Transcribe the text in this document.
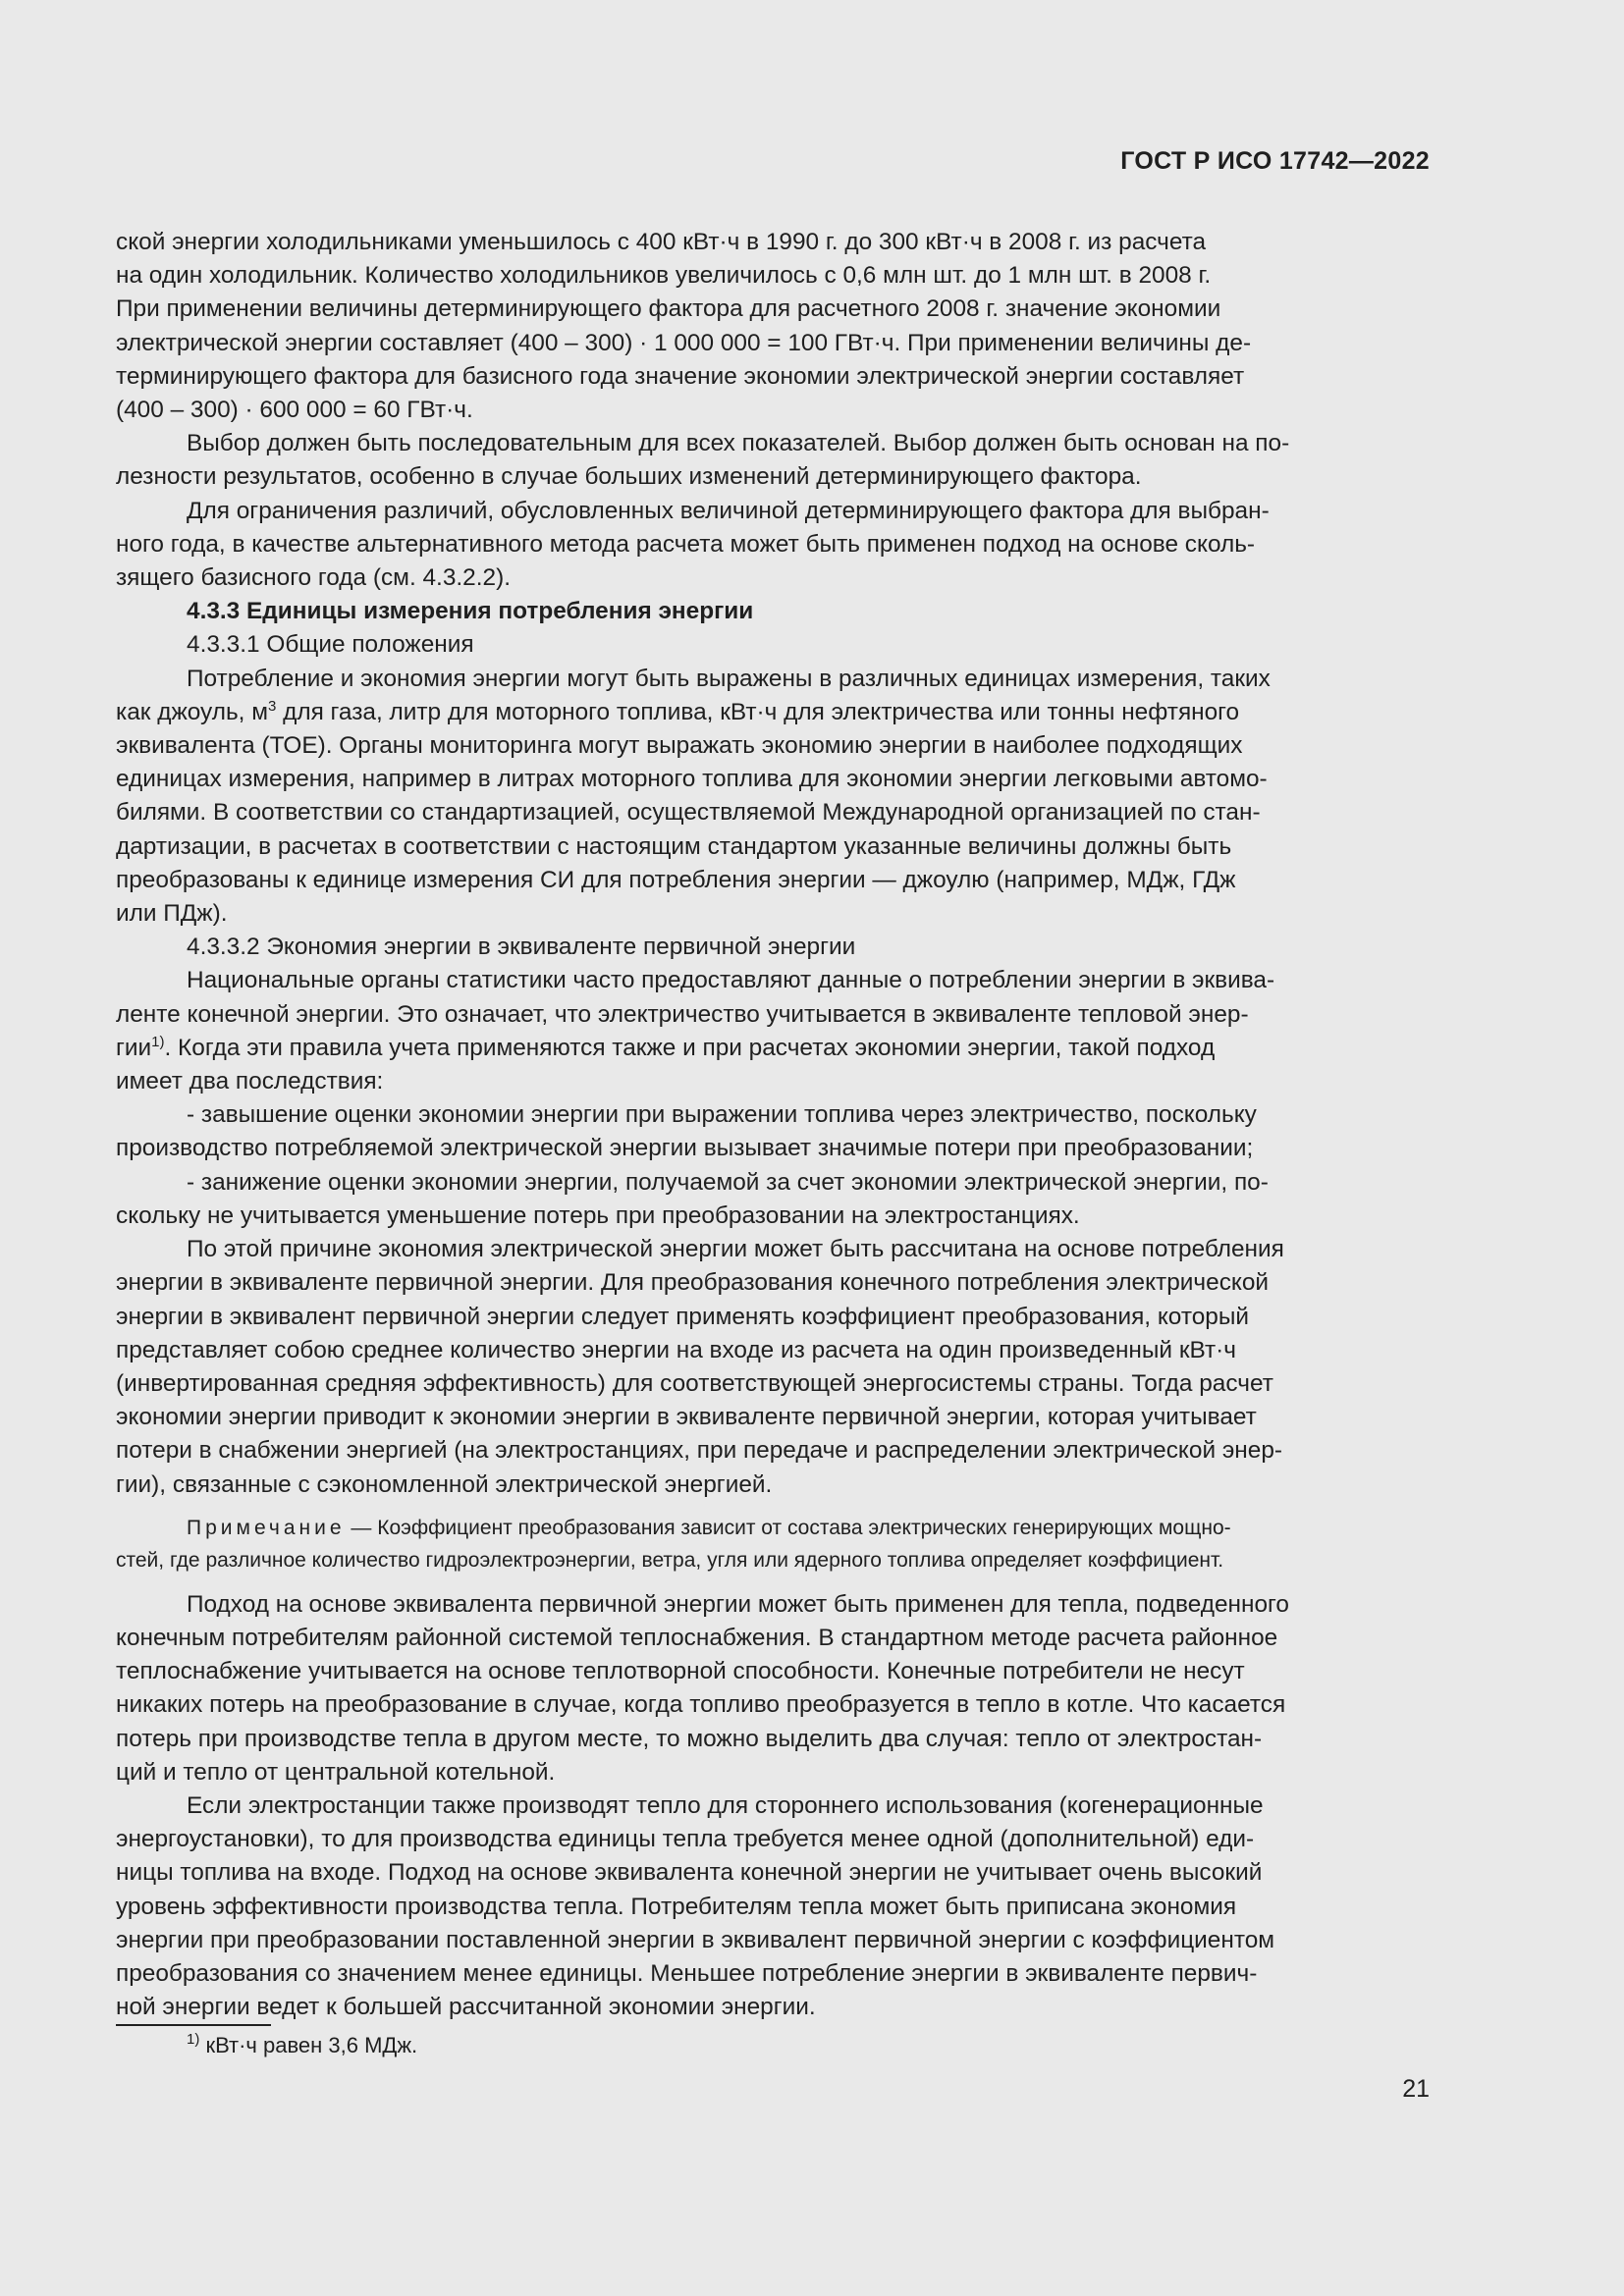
ГОСТ Р ИСО 17742—2022

ской энергии холодильниками уменьшилось с 400 кВт·ч в 1990 г. до 300 кВт·ч в 2008 г. из расчета
на один холодильник. Количество холодильников увеличилось с 0,6 млн шт. до 1 млн шт. в 2008 г.
При применении величины детерминирующего фактора для расчетного 2008 г. значение экономии
электрической энергии составляет (400 – 300) · 1 000 000 = 100 ГВт·ч. При применении величины де-
терминирующего фактора для базисного года значение экономии электрической энергии составляет
(400 – 300) · 600 000 = 60 ГВт·ч.

Выбор должен быть последовательным для всех показателей. Выбор должен быть основан на по-
лезности результатов, особенно в случае больших изменений детерминирующего фактора.

Для ограничения различий, обусловленных величиной детерминирующего фактора для выбран-
ного года, в качестве альтернативного метода расчета может быть применен подход на основе сколь-
зящего базисного года (см. 4.3.2.2).

4.3.3 Единицы измерения потребления энергии

4.3.3.1 Общие положения

Потребление и экономия энергии могут быть выражены в различных единицах измерения, таких
как джоуль, $м^3$ для газа, литр для моторного топлива, кВт·ч для электричества или тонны нефтяного
эквивалента (ТОЕ). Органы мониторинга могут выражать экономию энергии в наиболее подходящих
единицах измерения, например в литрах моторного топлива для экономии энергии легковыми автомо-
билями. В соответствии со стандартизацией, осуществляемой Международной организацией по стан-
дартизации, в расчетах в соответствии с настоящим стандартом указанные величины должны быть
преобразованы к единице измерения СИ для потребления энергии — джоулю (например, МДж, ГДж
или ПДж).

4.3.3.2 Экономия энергии в эквиваленте первичной энергии

Национальные органы статистики часто предоставляют данные о потреблении энергии в эквива-
ленте конечной энергии. Это означает, что электричество учитывается в эквиваленте тепловой энер-
гии$^{1)}$. Когда эти правила учета применяются также и при расчетах экономии энергии, такой подход
имеет два последствия:

- завышение оценки экономии энергии при выражении топлива через электричество, поскольку
производство потребляемой электрической энергии вызывает значимые потери при преобразовании;

- занижение оценки экономии энергии, получаемой за счет экономии электрической энергии, по-
скольку не учитывается уменьшение потерь при преобразовании на электростанциях.

По этой причине экономия электрической энергии может быть рассчитана на основе потребления
энергии в эквиваленте первичной энергии. Для преобразования конечного потребления электрической
энергии в эквивалент первичной энергии следует применять коэффициент преобразования, который
представляет собою среднее количество энергии на входе из расчета на один произведенный кВт·ч
(инвертированная средняя эффективность) для соответствующей энергосистемы страны. Тогда расчет
экономии энергии приводит к экономии энергии в эквиваленте первичной энергии, которая учитывает
потери в снабжении энергией (на электростанциях, при передаче и распределении электрической энер-
гии), связанные с сэкономленной электрической энергией.

Примечание — Коэффициент преобразования зависит от состава электрических генерирующих мощно-
стей, где различное количество гидроэлектроэнергии, ветра, угля или ядерного топлива определяет коэффициент.

Подход на основе эквивалента первичной энергии может быть применен для тепла, подведенного
конечным потребителям районной системой теплоснабжения. В стандартном методе расчета районное
теплоснабжение учитывается на основе теплотворной способности. Конечные потребители не несут
никаких потерь на преобразование в случае, когда топливо преобразуется в тепло в котле. Что касается
потерь при производстве тепла в другом месте, то можно выделить два случая: тепло от электростан-
ций и тепло от центральной котельной.

Если электростанции также производят тепло для стороннего использования (когенерационные
энергоустановки), то для производства единицы тепла требуется менее одной (дополнительной) еди-
ницы топлива на входе. Подход на основе эквивалента конечной энергии не учитывает очень высокий
уровень эффективности производства тепла. Потребителям тепла может быть приписана экономия
энергии при преобразовании поставленной энергии в эквивалент первичной энергии с коэффициентом
преобразования со значением менее единицы. Меньшее потребление энергии в эквиваленте первич-
ной энергии ведет к большей рассчитанной экономии энергии.

$^{1)}$ кВт·ч равен 3,6 МДж.
21
